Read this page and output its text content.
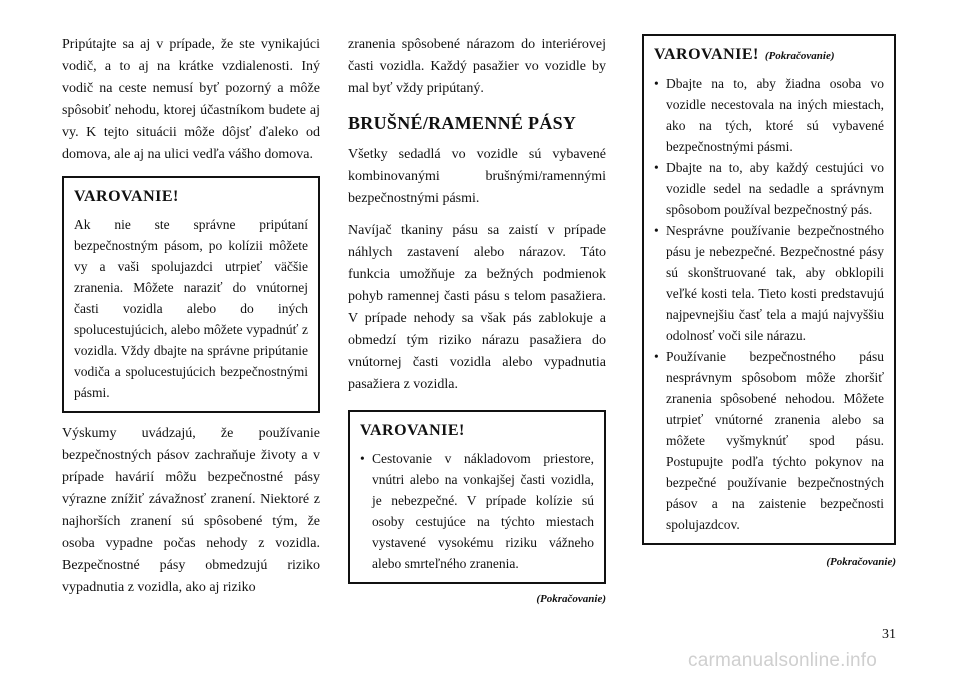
Pripútajte sa aj v prípade, že ste vynikajúci vodič, a to aj na krátke vzdialenosti. Iný vodič na ceste nemusí byť pozorný a môže spôsobiť nehodu, ktorej účastníkom budete aj vy. K tejto situácii môže dôjsť ďaleko od domova, ale aj na ulici vedľa vášho domova.

VAROVANIE!

Ak nie ste správne pripútaní bezpečnostným pásom, po kolízii môžete vy a vaši spolujazdci utrpieť väčšie zranenia. Môžete naraziť do vnútornej časti vozidla alebo do iných spolucestujúcich, alebo môžete vypadnúť z vozidla. Vždy dbajte na správne pripútanie vodiča a spolucestujúcich bezpečnostnými pásmi.

Výskumy uvádzajú, že používanie bezpečnostných pásov zachraňuje životy a v prípade havárií môžu bezpečnostné pásy výrazne znížiť závažnosť zranení. Niektoré z najhorších zranení sú spôsobené tým, že osoba vypadne počas nehody z vozidla. Bezpečnostné pásy obmedzujú riziko vypadnutia z vozidla, ako aj riziko

zranenia spôsobené nárazom do interiérovej časti vozidla. Každý pasažier vo vozidle by mal byť vždy pripútaný.

BRUŠNÉ/RAMENNÉ PÁSY

Všetky sedadlá vo vozidle sú vybavené kombinovanými brušnými/ramennými bezpečnostnými pásmi.

Navíjač tkaniny pásu sa zaistí v prípade náhlych zastavení alebo nárazov. Táto funkcia umožňuje za bežných podmienok pohyb ramennej časti pásu s telom pasažiera. V prípade nehody sa však pás zablokuje a obmedzí tým riziko nárazu pasažiera do vnútornej časti vozidla alebo vypadnutia pasažiera z vozidla.

VAROVANIE!
• Cestovanie v nákladovom priestore, vnútri alebo na vonkajšej časti vozidla, je nebezpečné. V prípade kolízie sú osoby cestujúce na týchto miestach vystavené vysokému riziku vážneho alebo smrteľného zranenia.
(Pokračovanie)
VAROVANIE! (Pokračovanie)
• Dbajte na to, aby žiadna osoba vo vozidle necestovala na iných miestach, ako na tých, ktoré sú vybavené bezpečnostnými pásmi.
• Dbajte na to, aby každý cestujúci vo vozidle sedel na sedadle a správnym spôsobom používal bezpečnostný pás.
• Nesprávne používanie bezpečnostného pásu je nebezpečné. Bezpečnostné pásy sú skonštruované tak, aby obklopili veľké kosti tela. Tieto kosti predstavujú najpevnejšiu časť tela a majú najvyššiu odolnosť voči sile nárazu.
• Používanie bezpečnostného pásu nesprávnym spôsobom môže zhoršiť zranenia spôsobené nehodou. Môžete utrpieť vnútorné zranenia alebo sa môžete vyšmyknúť spod pásu. Postupujte podľa týchto pokynov na bezpečné používanie bezpečnostných pásov a na zaistenie bezpečnosti spolujazdcov.
(Pokračovanie)
31
carmanualsonline.info
